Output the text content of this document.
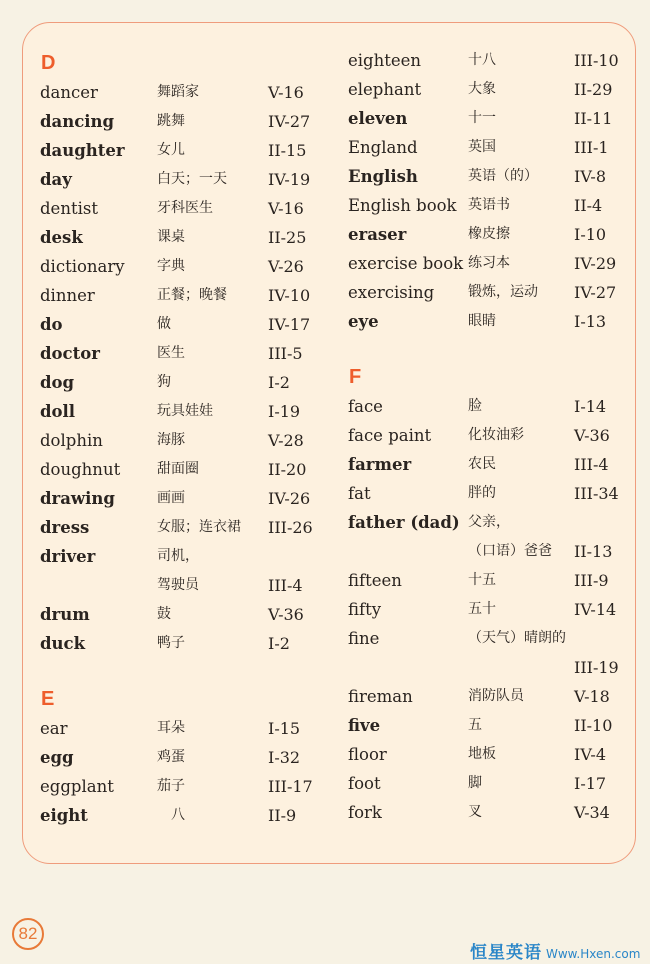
D
dancer	舞蹈家	V-16
dancing	跳舞	IV-27
daughter 女儿	II-15
day	白天；一天	IV-19
dentist	牙科医生	V-16
desk	课桌	II-25
dictionary 字典	V-26
dinner	正餐；晚餐	IV-10
do	做	IV-17
doctor	医生	III-5
dog	狗	I-2
doll	玩具娃娃	I-19
dolphin	海豚	V-28
doughnut	甜面圈	II-20
drawing	画画	IV-26
dress	女服；连衣裙 III-26
driver	司机，
驾驶员	III-4
drum	鼓	V-36
duck	鸭子	I-2
E
ear	耳朵	I-15
egg	鸡蛋	I-32
eggplant	茄子	III-17
eight	　八	II-9
eighteen	十八	III-10
elephant	大象	II-29
eleven	十一	II-11
England	英国	III-1
English	英语（的） IV-8
English book 英语书	II-4
eraser	橡皮擦	I-10
exercise book 练习本	IV-29
exercising 锻炼，运动 IV-27
eye	眼睛	I-13
F
face	脸	I-14
face paint	化妆油彩	V-36
farmer	农民	III-4
fat	胖的	III-34
father (dad) 父亲，
（口语）爸爸 II-13
fifteen	十五	III-9
fifty	五十	IV-14
fine	（天气）晴朗的
III-19
fireman	消防队员	V-18
five	五	II-10
floor	地板	IV-4
foot	脚	I-17
fork	叉	V-34
82
恒星英语 Www.Hxen.com
